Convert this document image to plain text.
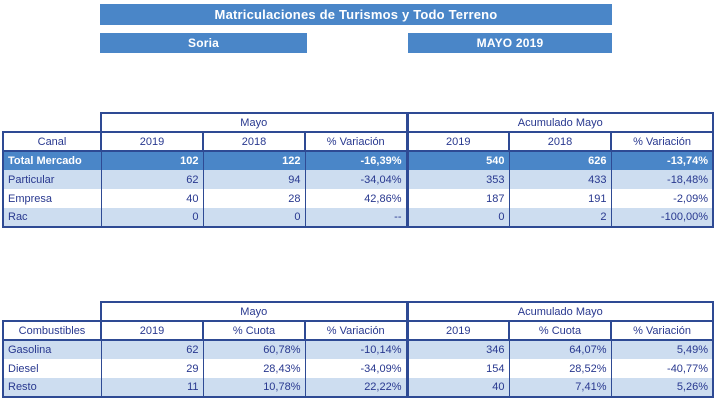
Matriculaciones de Turismos y Todo Terreno
Soria	MAYO 2019
	Mayo			Acumulado Mayo		
Canal	2019	2018	% Variación	2019	2018	% Variación
Total Mercado	102	122	-16,39%	540	626	-13,74%
Particular	62	94	-34,04%	353	433	-18,48%
Empresa	40	28	42,86%	187	191	-2,09%
Rac	0	0	--	0	2	-100,00%
	Mayo			Acumulado Mayo		
Combustibles	2019	% Cuota	% Variación	2019	% Cuota	% Variación
Gasolina	62	60,78%	-10,14%	346	64,07%	5,49%
Diesel	29	28,43%	-34,09%	154	28,52%	-40,77%
Resto	11	10,78%	22,22%	40	7,41%	5,26%
